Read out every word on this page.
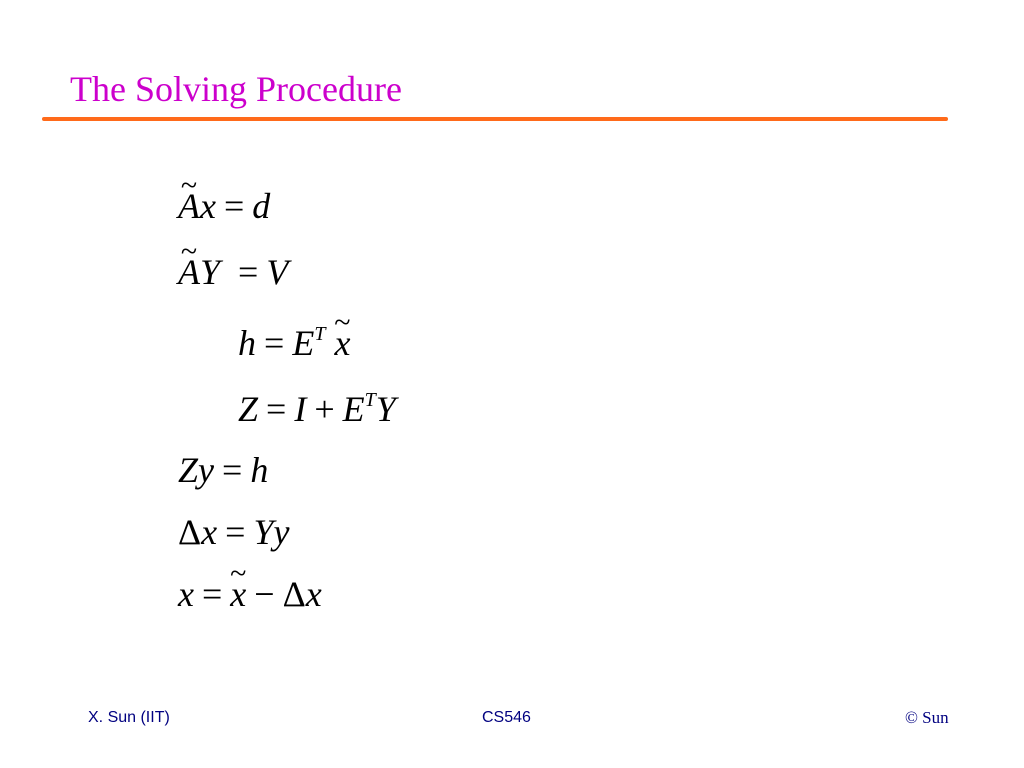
The Solving Procedure
~ Ax = d
~ AY = V
$h = E^T$ ~ x
$Z = I + E^TY$
Zy = h
Δx = Yy
x = ~ x − Δx
X. Sun (IIT)	CS546	© Sun
